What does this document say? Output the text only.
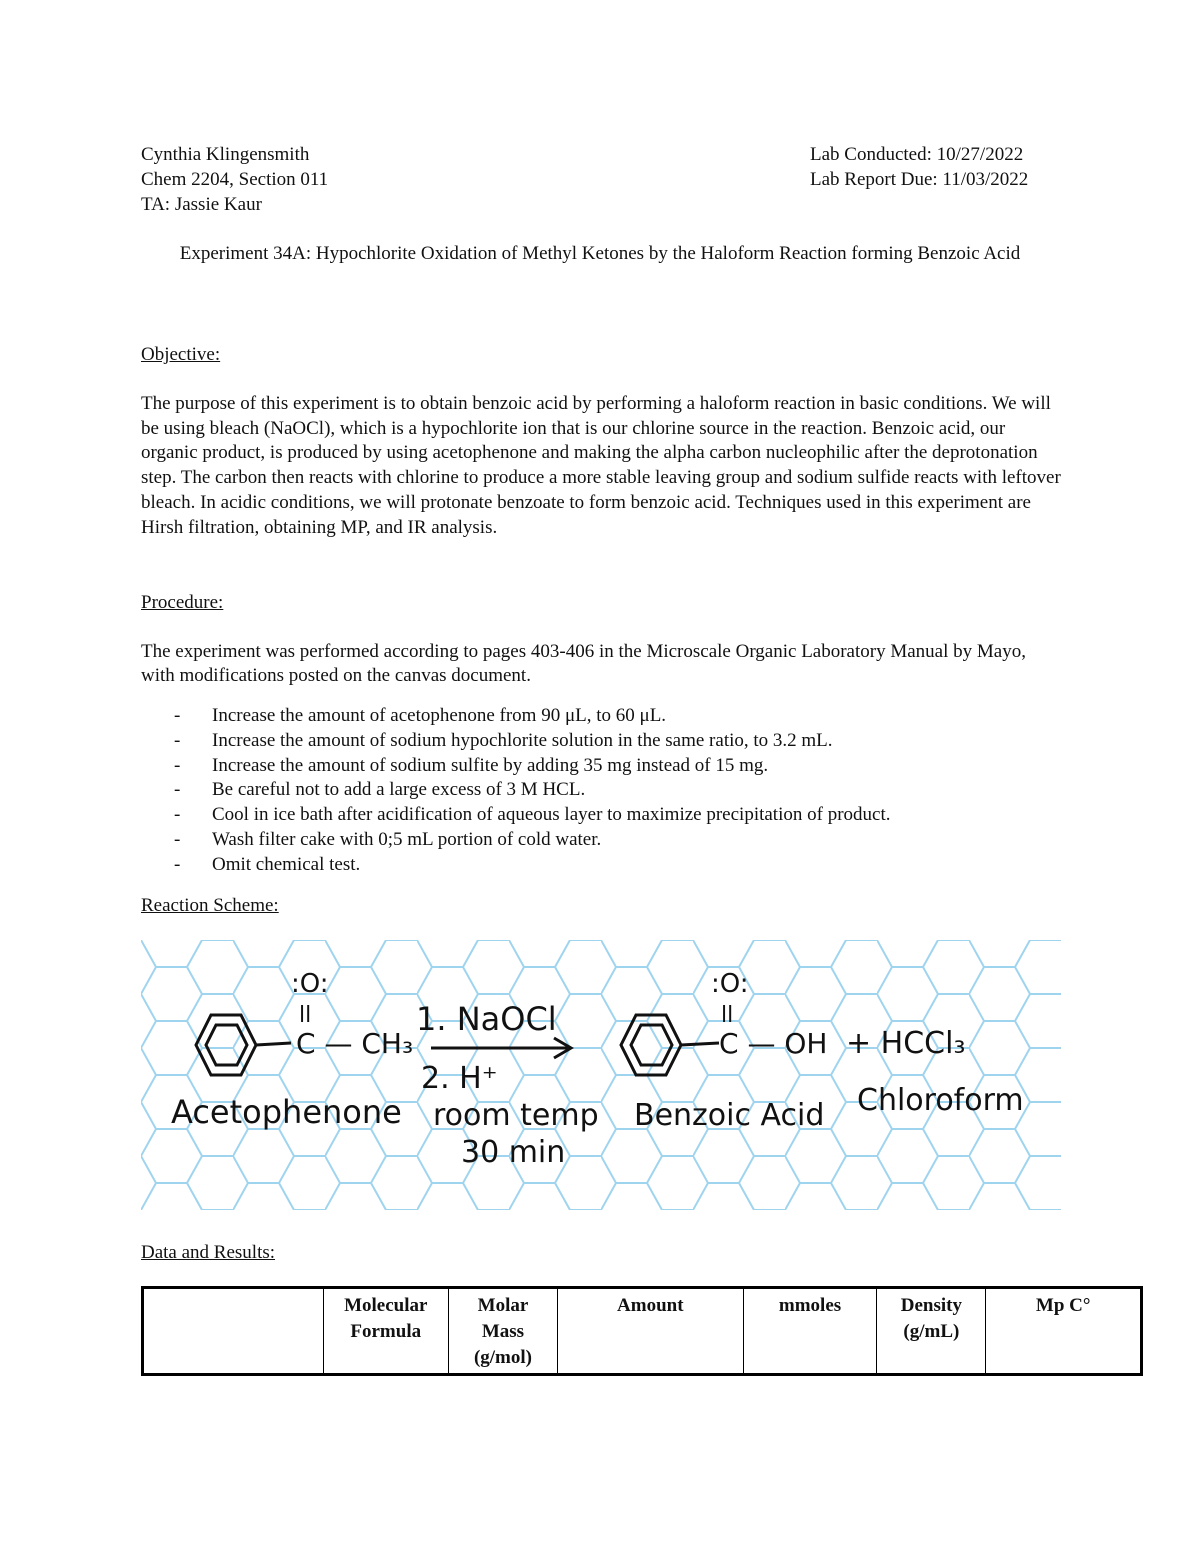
Cynthia Klingensmith
Chem 2204, Section 011
TA: Jassie Kaur
Lab Conducted: 10/27/2022
Lab Report Due: 11/03/2022
Experiment 34A: Hypochlorite Oxidation of Methyl Ketones by the Haloform Reaction forming Benzoic Acid
Objective:
The purpose of this experiment is to obtain benzoic acid by performing a haloform reaction in basic conditions. We will be using bleach (NaOCl), which is a hypochlorite ion that is our chlorine source in the reaction. Benzoic acid, our organic product, is produced by using acetophenone and making the alpha carbon nucleophilic after the deprotonation step. The carbon then reacts with chlorine to produce a more stable leaving group and sodium sulfide reacts with leftover bleach. In acidic conditions, we will protonate benzoate to form benzoic acid. Techniques used in this experiment are Hirsh filtration, obtaining MP, and IR analysis.
Procedure:
The experiment was performed according to pages 403-406 in the Microscale Organic Laboratory Manual by Mayo, with modifications posted on the canvas document.
- Increase the amount of acetophenone from 90 μL, to 60 μL.
- Increase the amount of sodium hypochlorite solution in the same ratio, to 3.2 mL.
- Increase the amount of sodium sulfite by adding 35 mg instead of 15 mg.
- Be careful not to add a large excess of 3 M HCL.
- Cool in ice bath after acidification of aqueous layer to maximize precipitation of product.
- Wash filter cake with 0;5 mL portion of cold water.
- Omit chemical test.
Reaction Scheme:
:O:
ll
C — CH₃
1. NaOCl
2. H⁺
:O:
ll
C — OH + HCCl₃
Acetophenone room temp
30 min
Benzoic Acid Chloroform
Data and Results:
	Molecular Formula	Molar Mass (g/mol)	Amount	mmoles	Density (g/mL)	Mp C°
